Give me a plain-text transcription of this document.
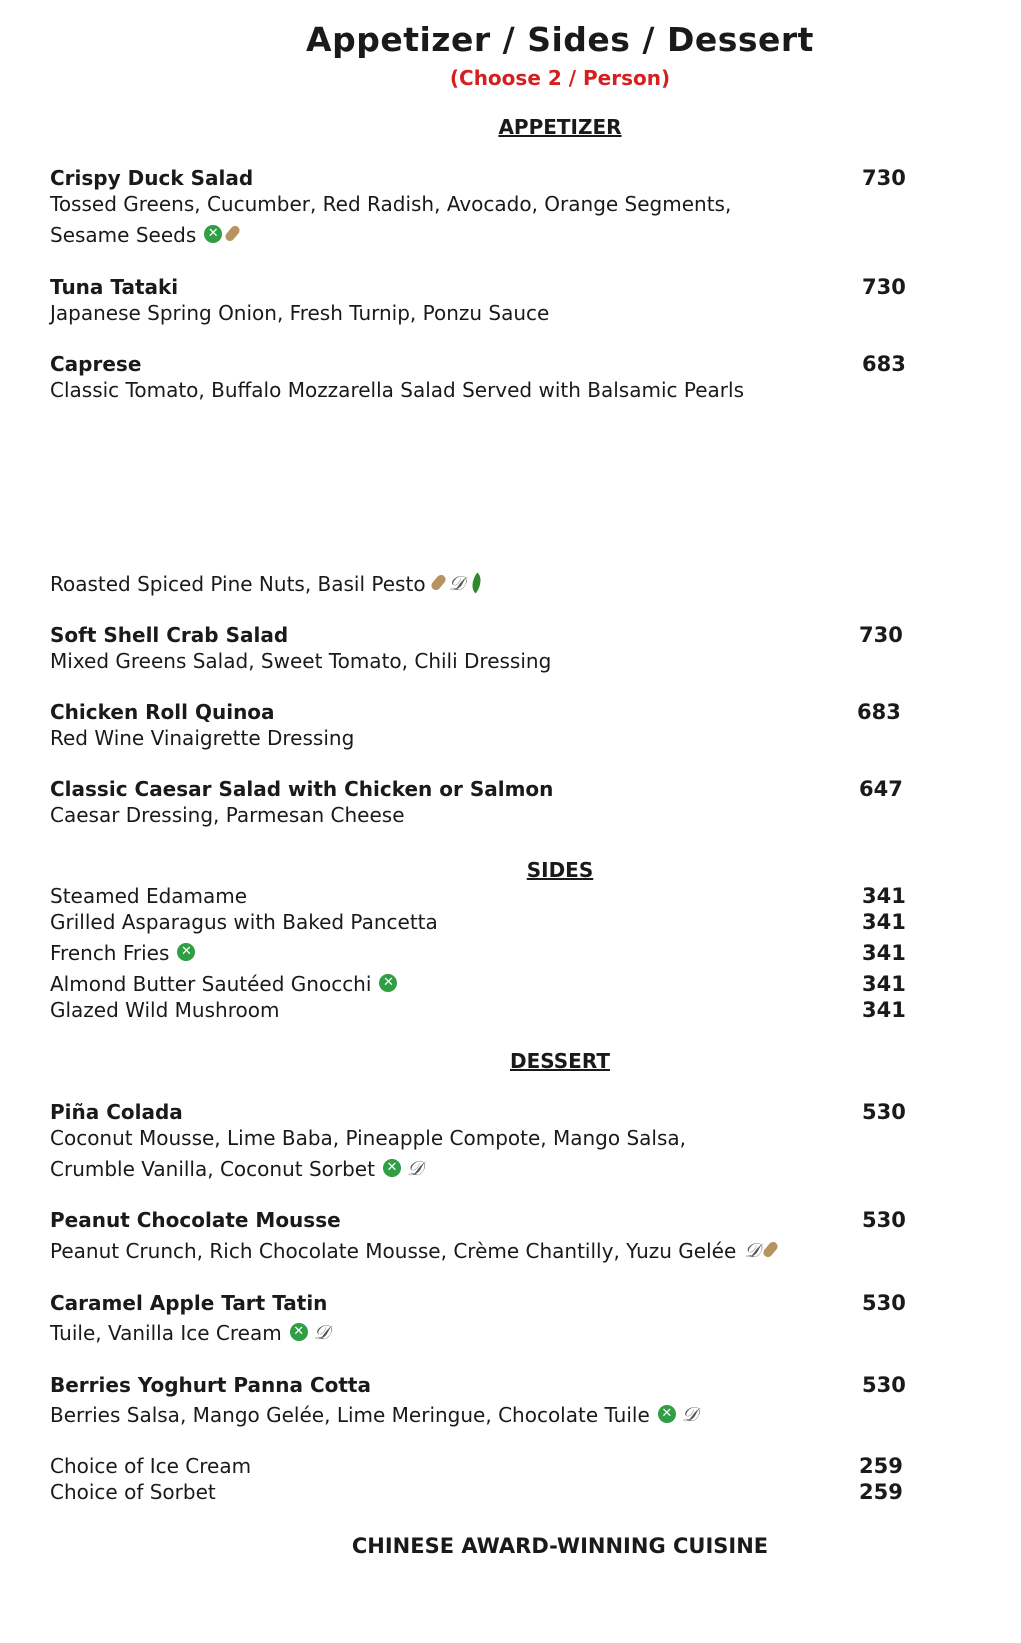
Appetizer / Sides / Dessert
(Choose 2 / Person)
APPETIZER
Crispy Duck Salad	730
Tossed Greens, Cucumber, Red Radish, Avocado, Orange Segments,
Sesame Seeds ✕
Tuna Tataki	730
Japanese Spring Onion, Fresh Turnip, Ponzu Sauce
Caprese	683
Classic Tomato, Buffalo Mozzarella Salad Served with Balsamic Pearls
Roasted Spiced Pine Nuts, Basil Pesto 𝒟
Soft Shell Crab Salad	730
Mixed Greens Salad, Sweet Tomato, Chili Dressing
Chicken Roll Quinoa	683
Red Wine Vinaigrette Dressing
Classic Caesar Salad with Chicken or Salmon	647
Caesar Dressing, Parmesan Cheese
SIDES
Steamed Edamame	341
Grilled Asparagus with Baked Pancetta	341
French Fries ✕	341
Almond Butter Sautéed Gnocchi ✕	341
Glazed Wild Mushroom	341
DESSERT
Piña Colada	530
Coconut Mousse, Lime Baba, Pineapple Compote, Mango Salsa,
Crumble Vanilla, Coconut Sorbet ✕ 𝒟
Peanut Chocolate Mousse	530
Peanut Crunch, Rich Chocolate Mousse, Crème Chantilly, Yuzu Gelée 𝒟
Caramel Apple Tart Tatin	530
Tuile, Vanilla Ice Cream ✕ 𝒟
Berries Yoghurt Panna Cotta	530
Berries Salsa, Mango Gelée, Lime Meringue, Chocolate Tuile ✕ 𝒟
Choice of Ice Cream	259
Choice of Sorbet	259
CHINESE AWARD-WINNING CUISINE
